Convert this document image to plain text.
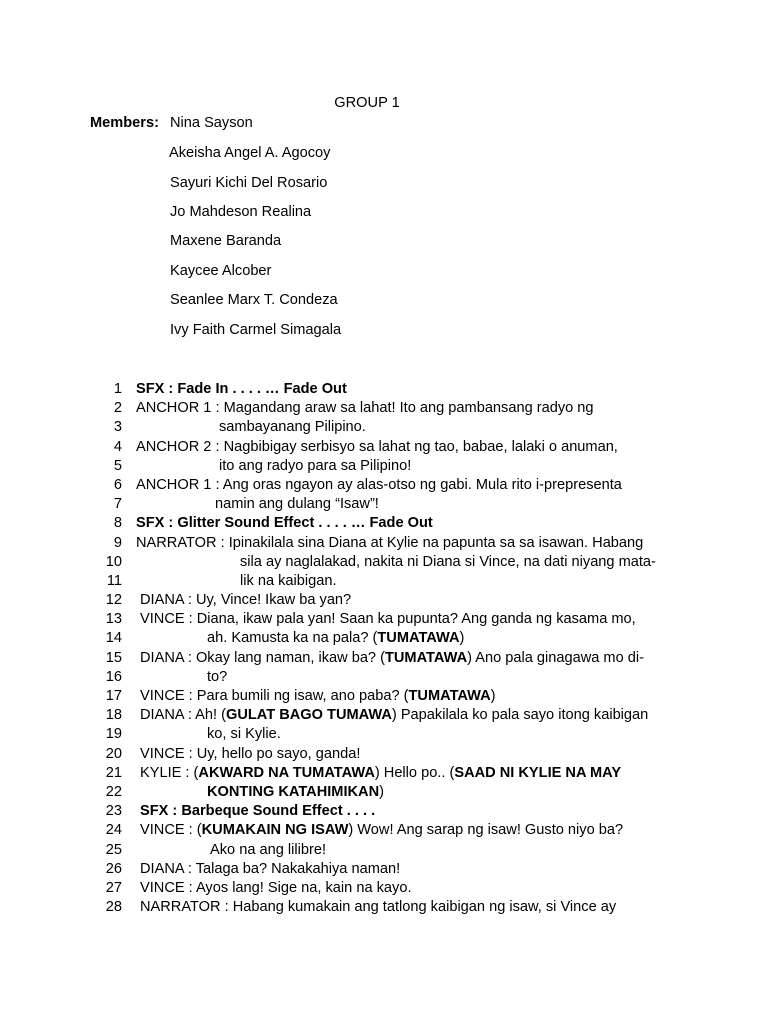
GROUP 1
Members: Nina Sayson
Akeisha Angel A. Agocoy
Sayuri Kichi Del Rosario
Jo Mahdeson Realina
Maxene Baranda
Kaycee Alcober
Seanlee Marx T. Condeza
Ivy Faith Carmel Simagala
1 SFX : Fade In . . . . … Fade Out
2 ANCHOR 1 : Magandang araw sa lahat! Ito ang pambansang radyo ng
3	sambayanang Pilipino.
4 ANCHOR 2 : Nagbibigay serbisyo sa lahat ng tao, babae, lalaki o anuman,
5	ito ang radyo para sa Pilipino!
6 ANCHOR 1 : Ang oras ngayon ay alas-otso ng gabi. Mula rito i-prepresenta
7	namin ang dulang “Isaw”!
8 SFX : Glitter Sound Effect . . . . … Fade Out
9 NARRATOR : Ipinakilala sina Diana at Kylie na papunta sa sa isawan. Habang
10	sila ay naglalakad, nakita ni Diana si Vince, na dati niyang mata-
11	lik na kaibigan.
12 DIANA : Uy, Vince! Ikaw ba yan?
13 VINCE : Diana, ikaw pala yan! Saan ka pupunta? Ang ganda ng kasama mo,
14	ah. Kamusta ka na pala? (TUMATAWA)
15 DIANA : Okay lang naman, ikaw ba? (TUMATAWA) Ano pala ginagawa mo di-
16	to?
17 VINCE : Para bumili ng isaw, ano paba? (TUMATAWA)
18 DIANA : Ah! (GULAT BAGO TUMAWA) Papakilala ko pala sayo itong kaibigan
19	ko, si Kylie.
20 VINCE : Uy, hello po sayo, ganda!
21 KYLIE : (AKWARD NA TUMATAWA) Hello po.. (SAAD NI KYLIE NA MAY
22	KONTING KATAHIMIKAN)
23 SFX : Barbeque Sound Effect . . . .
24 VINCE : (KUMAKAIN NG ISAW) Wow! Ang sarap ng isaw! Gusto niyo ba?
25	Ako na ang lilibre!
26 DIANA : Talaga ba? Nakakahiya naman!
27 VINCE : Ayos lang! Sige na, kain na kayo.
28 NARRATOR : Habang kumakain ang tatlong kaibigan ng isaw, si Vince ay
